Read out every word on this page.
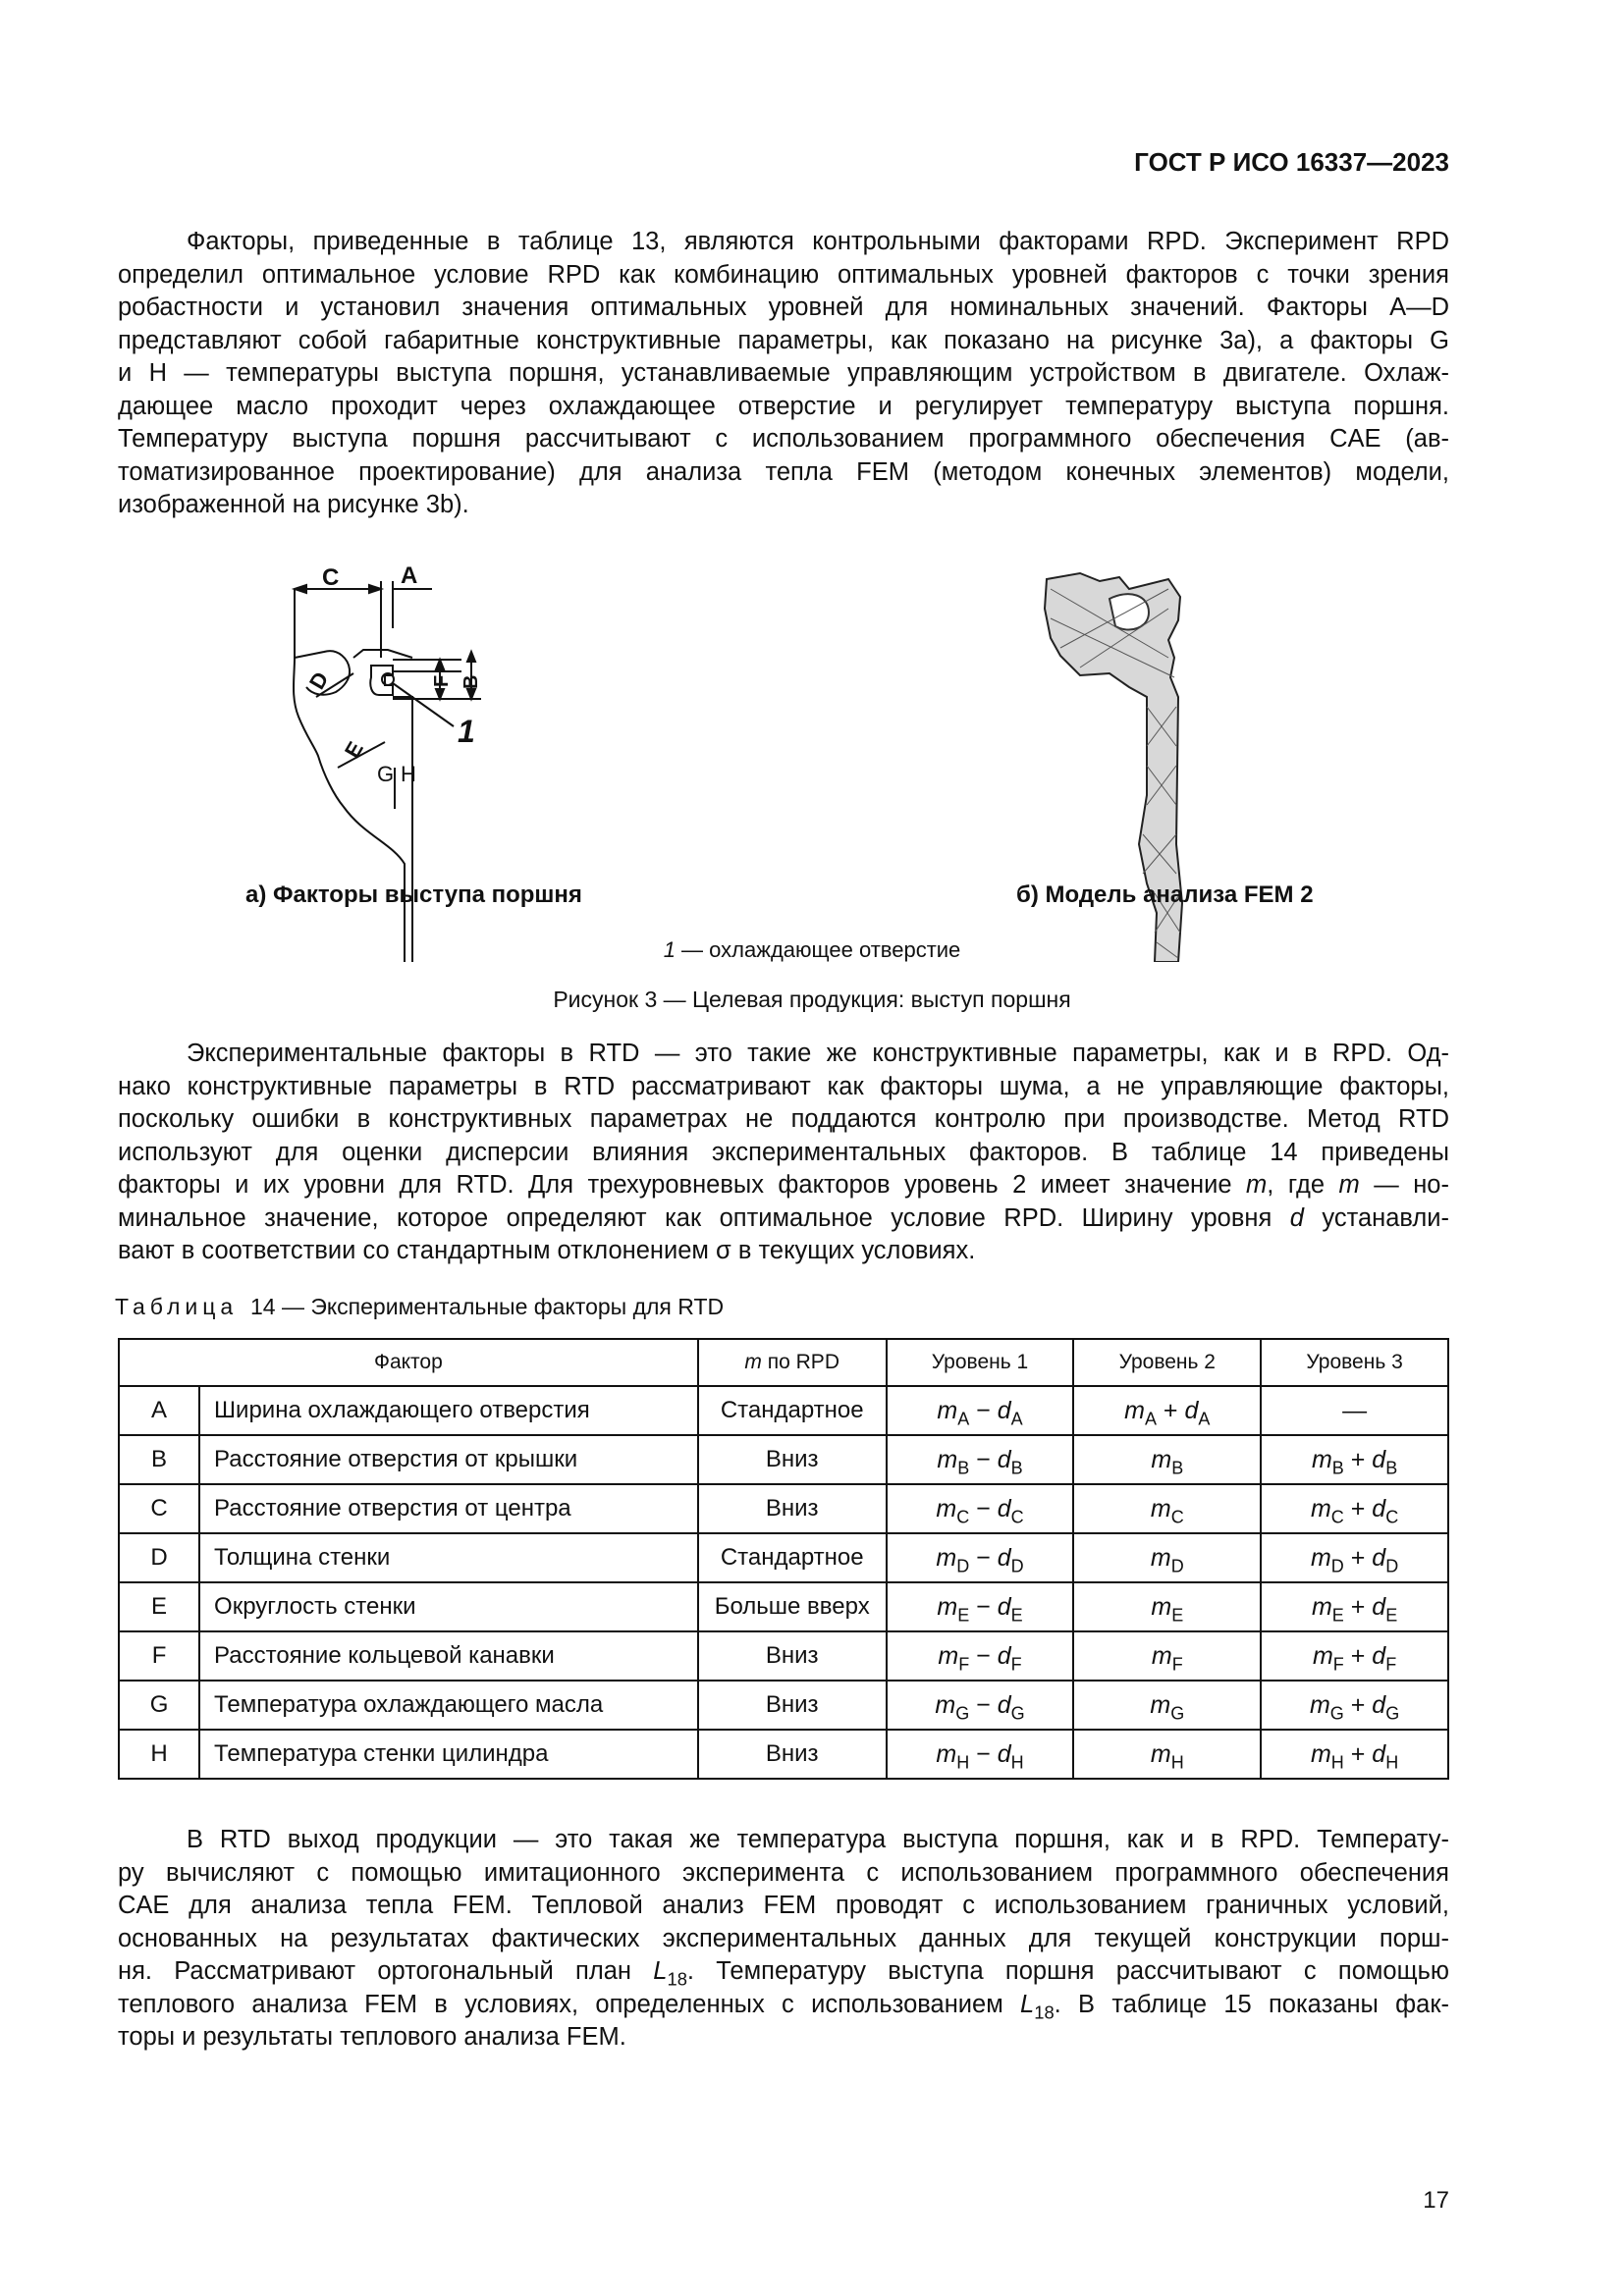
ГОСТ Р ИСО 16337—2023
Факторы, приведенные в таблице 13, являются контрольными факторами RPD. Эксперимент RPD
определил оптимальное условие RPD как комбинацию оптимальных уровней факторов с точки зрения
робастности и установил значения оптимальных уровней для номинальных значений. Факторы A—D
представляют собой габаритные конструктивные параметры, как показано на рисунке 3a), а факторы G
и H — температуры выступа поршня, устанавливаемые управляющим устройством в двигателе. Охлаж-
дающее масло проходит через охлаждающее отверстие и регулирует температуру выступа поршня.
Температуру выступа поршня рассчитывают с использованием программного обеспечения CAE (ав-
томатизированное проектирование) для анализа тепла FEM (методом конечных элементов) модели,
изображенной на рисунке 3b).
C	A
F B
D
E
1
G H
а) Факторы выступа поршня	б) Модель анализа FEM 2
1 — охлаждающее отверстие
Рисунок 3 — Целевая продукция: выступ поршня
Экспериментальные факторы в RTD — это такие же конструктивные параметры, как и в RPD. Од-
нако конструктивные параметры в RTD рассматривают как факторы шума, а не управляющие факторы,
поскольку ошибки в конструктивных параметрах не поддаются контролю при производстве. Метод RTD
используют для оценки дисперсии влияния экспериментальных факторов. В таблице 14 приведены
факторы и их уровни для RTD. Для трехуровневых факторов уровень 2 имеет значение m, где m — но-
минальное значение, которое определяют как оптимальное условие RPD. Ширину уровня d устанавли-
вают в соответствии со стандартным отклонением σ в текущих условиях.
Таблица 14 — Экспериментальные факторы для RTD
Фактор		m по RPD	Уровень 1	Уровень 2	Уровень 3
A	Ширина охлаждающего отверстия	Стандартное	$m_A - d_A$	$m_A + d_A$	—
B	Расстояние отверстия от крышки	Вниз	$m_B - d_B$	$m_B$	$m_B + d_B$
C	Расстояние отверстия от центра	Вниз	$m_C - d_C$	$m_C$	$m_C + d_C$
D	Толщина стенки	Стандартное	$m_D - d_D$	$m_D$	$m_D + d_D$
E	Округлость стенки	Больше вверх	$m_E - d_E$	$m_E$	$m_E + d_E$
F	Расстояние кольцевой канавки	Вниз	$m_F - d_F$	$m_F$	$m_F + d_F$
G	Температура охлаждающего масла	Вниз	$m_G - d_G$	$m_G$	$m_G + d_G$
H	Температура стенки цилиндра	Вниз	$m_H - d_H$	$m_H$	$m_H + d_H$
В RTD выход продукции — это такая же температура выступа поршня, как и в RPD. Температу-
ру вычисляют с помощью имитационного эксперимента с использованием программного обеспечения
CAE для анализа тепла FEM. Тепловой анализ FEM проводят с использованием граничных условий,
основанных на результатах фактических экспериментальных данных для текущей конструкции порш-
ня. Рассматривают ортогональный план $L_{18}$. Температуру выступа поршня рассчитывают с помощью
теплового анализа FEM в условиях, определенных с использованием $L_{18}$. В таблице 15 показаны фак-
торы и результаты теплового анализа FEM.
17
